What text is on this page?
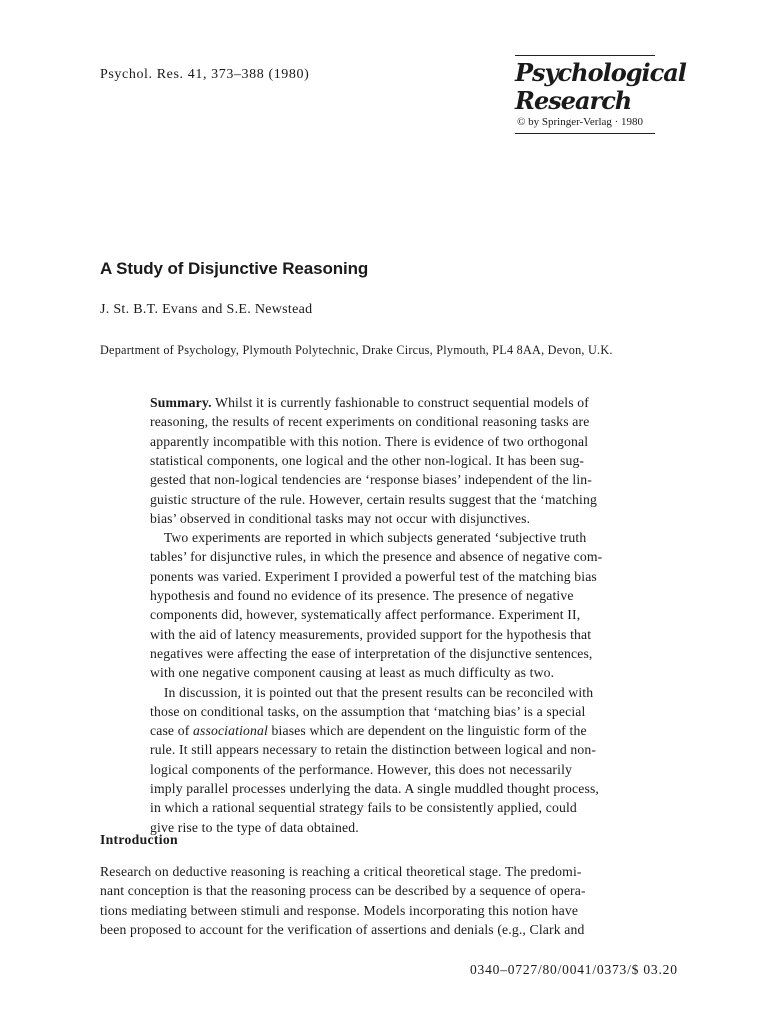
Psychol. Res. 41, 373–388 (1980)	Psychological
Research
© by Springer-Verlag · 1980
A Study of Disjunctive Reasoning
J. St. B.T. Evans and S.E. Newstead
Department of Psychology, Plymouth Polytechnic, Drake Circus, Plymouth, PL4 8AA, Devon, U.K.
Summary. Whilst it is currently fashionable to construct sequential models of
reasoning, the results of recent experiments on conditional reasoning tasks are
apparently incompatible with this notion. There is evidence of two orthogonal
statistical components, one logical and the other non-logical. It has been sug-
gested that non-logical tendencies are ‘response biases’ independent of the lin-
guistic structure of the rule. However, certain results suggest that the ‘matching
bias’ observed in conditional tasks may not occur with disjunctives.
 Two experiments are reported in which subjects generated ‘subjective truth
tables’ for disjunctive rules, in which the presence and absence of negative com-
ponents was varied. Experiment I provided a powerful test of the matching bias
hypothesis and found no evidence of its presence. The presence of negative
components did, however, systematically affect performance. Experiment II,
with the aid of latency measurements, provided support for the hypothesis that
negatives were affecting the ease of interpretation of the disjunctive sentences,
with one negative component causing at least as much difficulty as two.
 In discussion, it is pointed out that the present results can be reconciled with
those on conditional tasks, on the assumption that ‘matching bias’ is a special
case of associational biases which are dependent on the linguistic form of the
rule. It still appears necessary to retain the distinction between logical and non-
logical components of the performance. However, this does not necessarily
imply parallel processes underlying the data. A single muddled thought process,
in which a rational sequential strategy fails to be consistently applied, could
give rise to the type of data obtained.
Introduction
Research on deductive reasoning is reaching a critical theoretical stage. The predomi-
nant conception is that the reasoning process can be described by a sequence of opera-
tions mediating between stimuli and response. Models incorporating this notion have
been proposed to account for the verification of assertions and denials (e.g., Clark and
0340–0727/80/0041/0373/$ 03.20
